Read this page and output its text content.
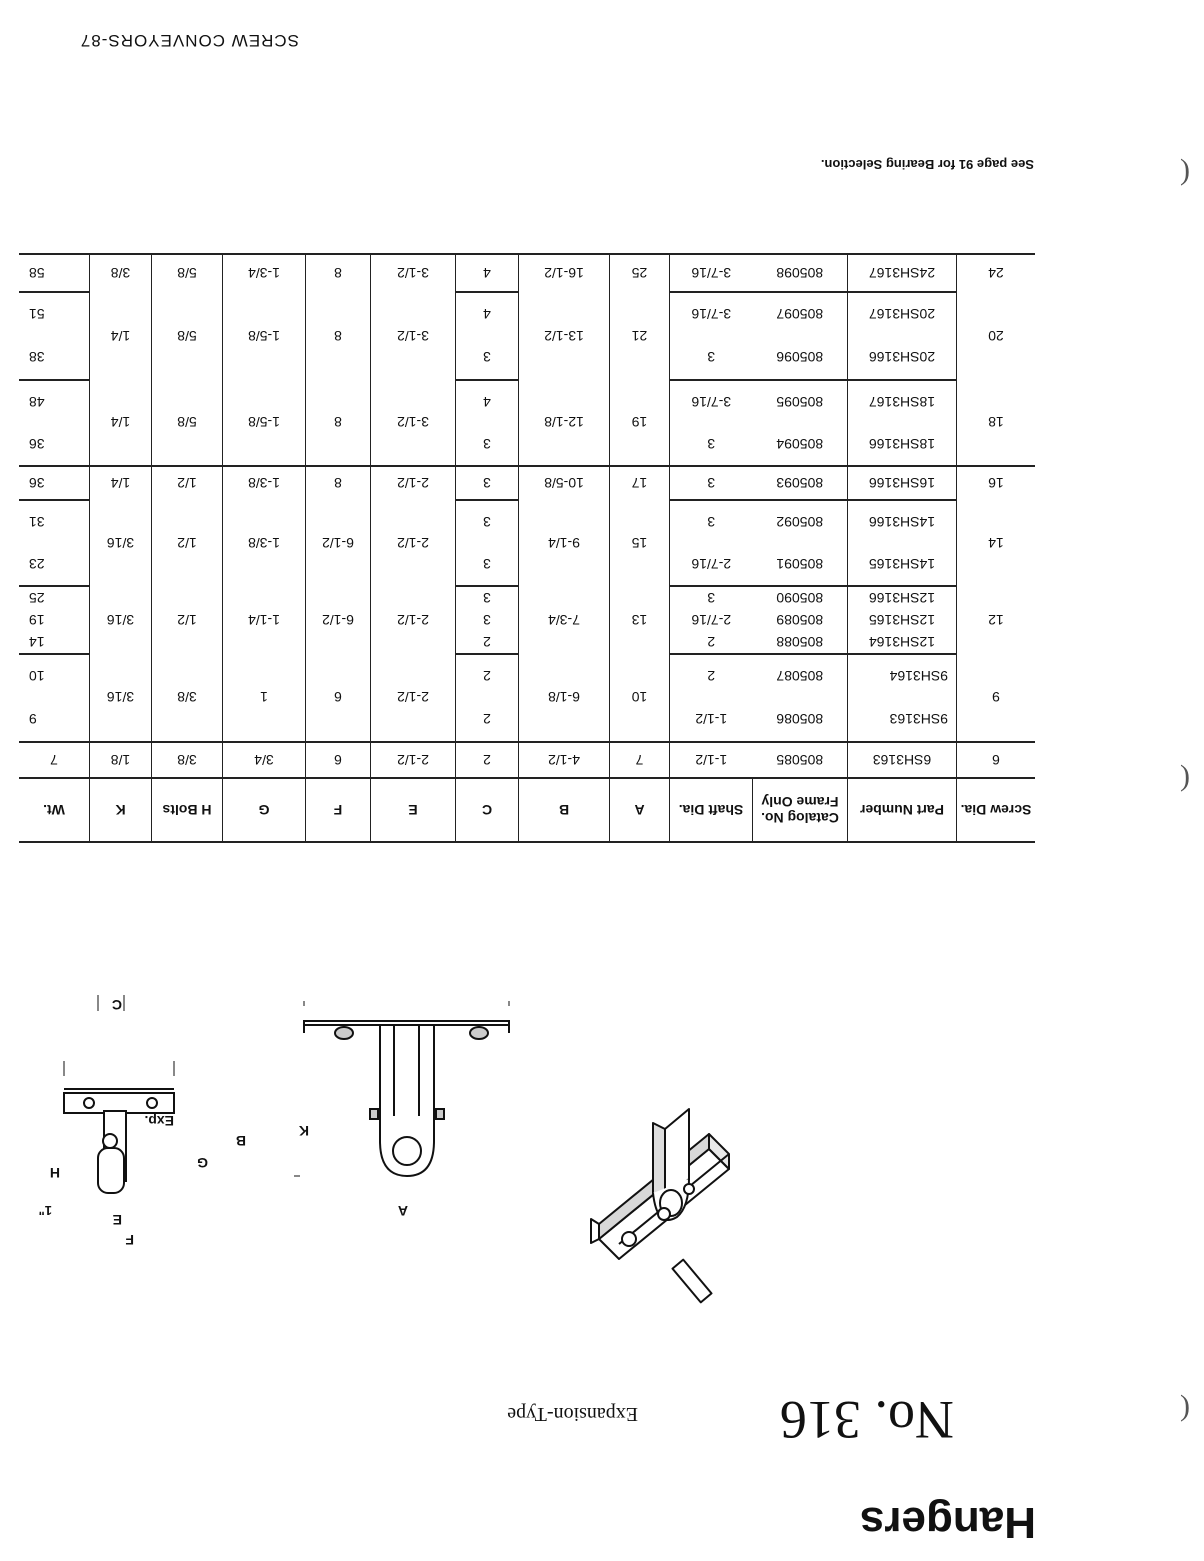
Hangers
No. 316
Expansion-Type
A
B
K
Exp.
C
E
F
G
H
1"
Screw Dia.	Part Number	Catalog No. Frame Only	Shaft Dia.	A	B	C	E	F	G	H Bolts	K	Wt.
6	6SH3163	805085	1-1/2	7	4-1/2	2	2-1/2	6	3/4	3/8	1/8	7
9	9SH3163	805086	1-1/2	10	6-1/8	2	2-1/2	6	1	3/8	3/16	9
	9SH3164	805087	2			2						10
12	12SH3164	805088	2	13	7-3/4	2	2-1/2	6-1/2	1-1/4	1/2	3/16	14
	12SH3165	805089	2-7/16			3						19
	12SH3166	805090	3			3						25
14	14SH3165	805091	2-7/16	15	9-1/4	3	2-1/2	6-1/2	1-3/8	1/2	3/16	23
	14SH3166	805092	3			3						31
16	16SH3166	805093	3	17	10-5/8	3	2-1/2	8	1-3/8	1/2	1/4	36
18	18SH3166	805094	3	19	12-1/8	3	3-1/2	8	1-5/8	5/8	1/4	36
	18SH3167	805095	3-7/16			4						48
20	20SH3166	805096	3	21	13-1/2	3	3-1/2	8	1-5/8	5/8	1/4	38
	20SH3167	805097	3-7/16			4						51
24	24SH3167	805098	3-7/16	25	16-1/2	4	3-1/2	8	1-3/4	5/8	3/8	58
See page 91 for Bearing Selection.
SCREW CONVEYORS-87
(
(
(
